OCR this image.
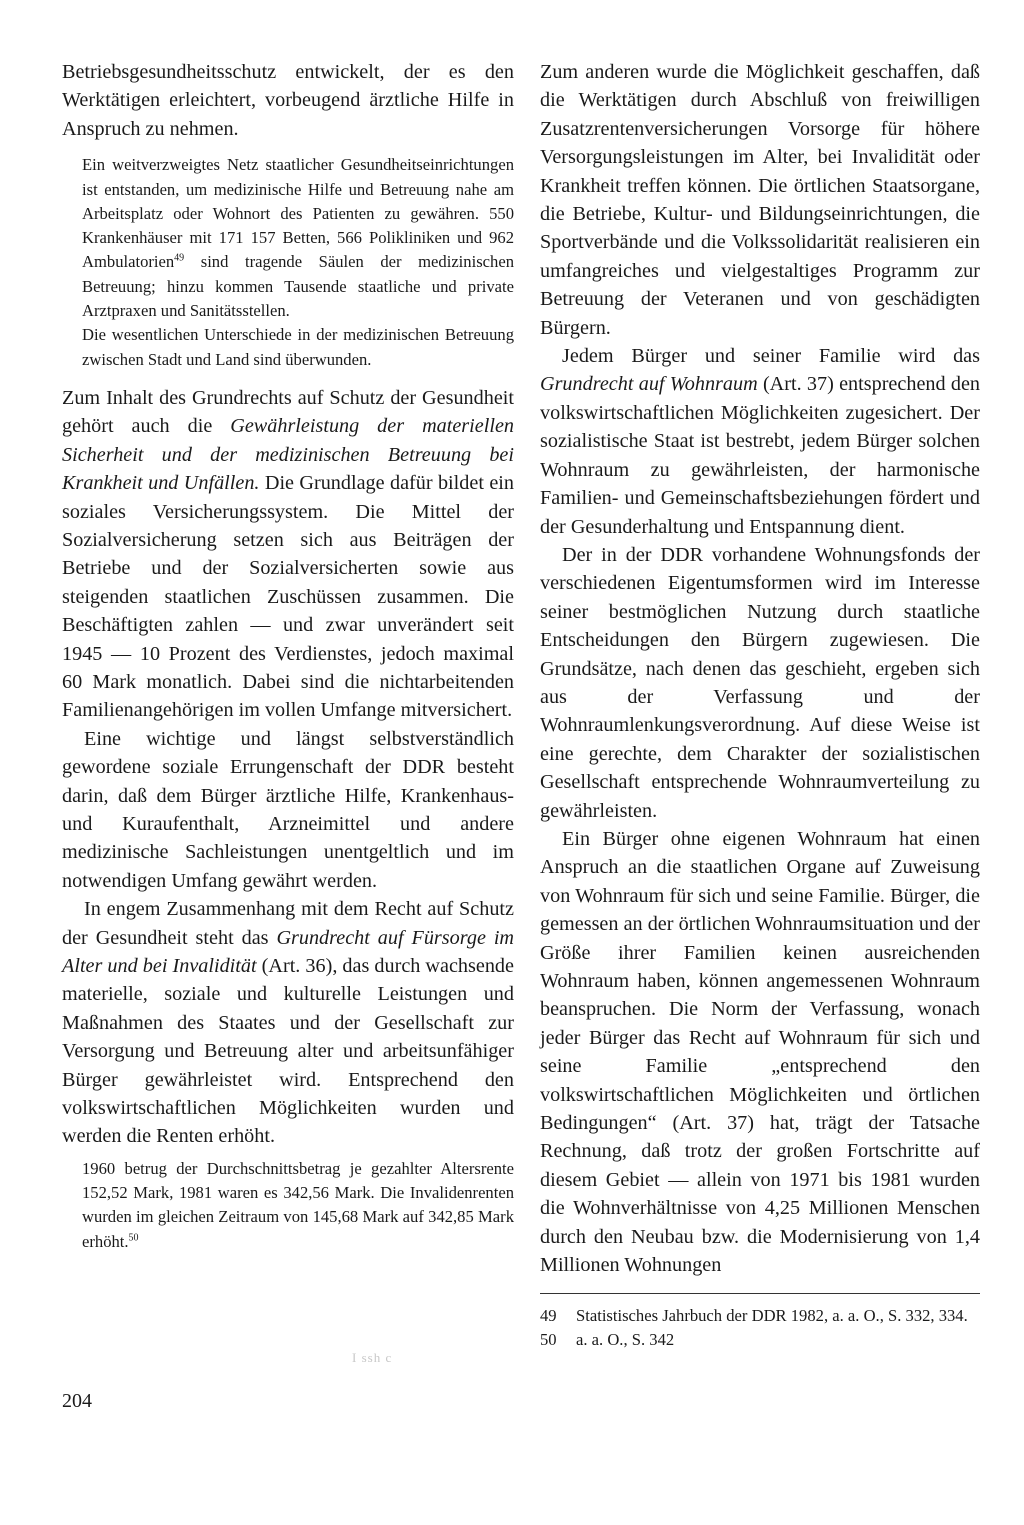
Betriebsgesundheitsschutz entwickelt, der es den Werktätigen erleichtert, vorbeugend ärztliche Hilfe in Anspruch zu nehmen.

Ein weitverzweigtes Netz staatlicher Gesundheitseinrichtungen ist entstanden, um medizinische Hilfe und Betreuung nahe am Arbeitsplatz oder Wohnort des Patienten zu gewähren. 550 Krankenhäuser mit 171 157 Betten, 566 Polikliniken und 962 Ambulatorien$^{49}$ sind tragende Säulen der medizinischen Betreuung; hinzu kommen Tausende staatliche und private Arztpraxen und Sanitätsstellen.

Die wesentlichen Unterschiede in der medizinischen Betreuung zwischen Stadt und Land sind überwunden.

Zum Inhalt des Grundrechts auf Schutz der Gesundheit gehört auch die Gewährleistung der materiellen Sicherheit und der medizinischen Betreuung bei Krankheit und Unfällen. Die Grundlage dafür bildet ein soziales Versicherungssystem. Die Mittel der Sozialversicherung setzen sich aus Beiträgen der Betriebe und der Sozialversicherten sowie aus steigenden staatlichen Zuschüssen zusammen. Die Beschäftigten zahlen — und zwar unverändert seit 1945 — 10 Prozent des Verdienstes, jedoch maximal 60 Mark monatlich. Dabei sind die nichtarbeitenden Familienangehörigen im vollen Umfange mitversichert.

Eine wichtige und längst selbstverständlich gewordene soziale Errungenschaft der DDR besteht darin, daß dem Bürger ärztliche Hilfe, Krankenhaus- und Kuraufenthalt, Arzneimittel und andere medizinische Sachleistungen unentgeltlich und im notwendigen Umfang gewährt werden.

In engem Zusammenhang mit dem Recht auf Schutz der Gesundheit steht das Grundrecht auf Fürsorge im Alter und bei Invalidität (Art. 36), das durch wachsende materielle, soziale und kulturelle Leistungen und Maßnahmen des Staates und der Gesellschaft zur Versorgung und Betreuung alter und arbeitsunfähiger Bürger gewährleistet wird. Entsprechend den volkswirtschaftlichen Möglichkeiten wurden und werden die Renten erhöht.

1960 betrug der Durchschnittsbetrag je gezahlter Altersrente 152,52 Mark, 1981 waren es 342,56 Mark. Die Invalidenrenten wurden im gleichen Zeitraum von 145,68 Mark auf 342,85 Mark erhöht.$^{50}$

Zum anderen wurde die Möglichkeit geschaffen, daß die Werktätigen durch Abschluß von freiwilligen Zusatzrentenversicherungen Vorsorge für höhere Versorgungsleistungen im Alter, bei Invalidität oder Krankheit treffen können. Die örtlichen Staatsorgane, die Betriebe, Kultur- und Bildungseinrichtungen, die Sportverbände und die Volkssolidarität realisieren ein umfangreiches und vielgestaltiges Programm zur Betreuung der Veteranen und von geschädigten Bürgern.

Jedem Bürger und seiner Familie wird das Grundrecht auf Wohnraum (Art. 37) entsprechend den volkswirtschaftlichen Möglichkeiten zugesichert. Der sozialistische Staat ist bestrebt, jedem Bürger solchen Wohnraum zu gewährleisten, der harmonische Familien- und Gemeinschaftsbeziehungen fördert und der Gesunderhaltung und Entspannung dient.

Der in der DDR vorhandene Wohnungsfonds der verschiedenen Eigentumsformen wird im Interesse seiner bestmöglichen Nutzung durch staatliche Entscheidungen den Bürgern zugewiesen. Die Grundsätze, nach denen das geschieht, ergeben sich aus der Verfassung und der Wohnraumlenkungsverordnung. Auf diese Weise ist eine gerechte, dem Charakter der sozialistischen Gesellschaft entsprechende Wohnraumverteilung zu gewährleisten.

Ein Bürger ohne eigenen Wohnraum hat einen Anspruch an die staatlichen Organe auf Zuweisung von Wohnraum für sich und seine Familie. Bürger, die gemessen an der örtlichen Wohnraumsituation und der Größe ihrer Familien keinen ausreichenden Wohnraum haben, können angemessenen Wohnraum beanspruchen. Die Norm der Verfassung, wonach jeder Bürger das Recht auf Wohnraum für sich und seine Familie „entsprechend den volkswirtschaftlichen Möglichkeiten und örtlichen Bedingungen“ (Art. 37) hat, trägt der Tatsache Rechnung, daß trotz der großen Fortschritte auf diesem Gebiet — allein von 1971 bis 1981 wurden die Wohnverhältnisse von 4,25 Millionen Menschen durch den Neubau bzw. die Modernisierung von 1,4 Millionen Wohnungen

49	Statistisches Jahrbuch der DDR 1982, a. a. O., S. 332, 334.
50	a. a. O., S. 342
I ssh c
204
